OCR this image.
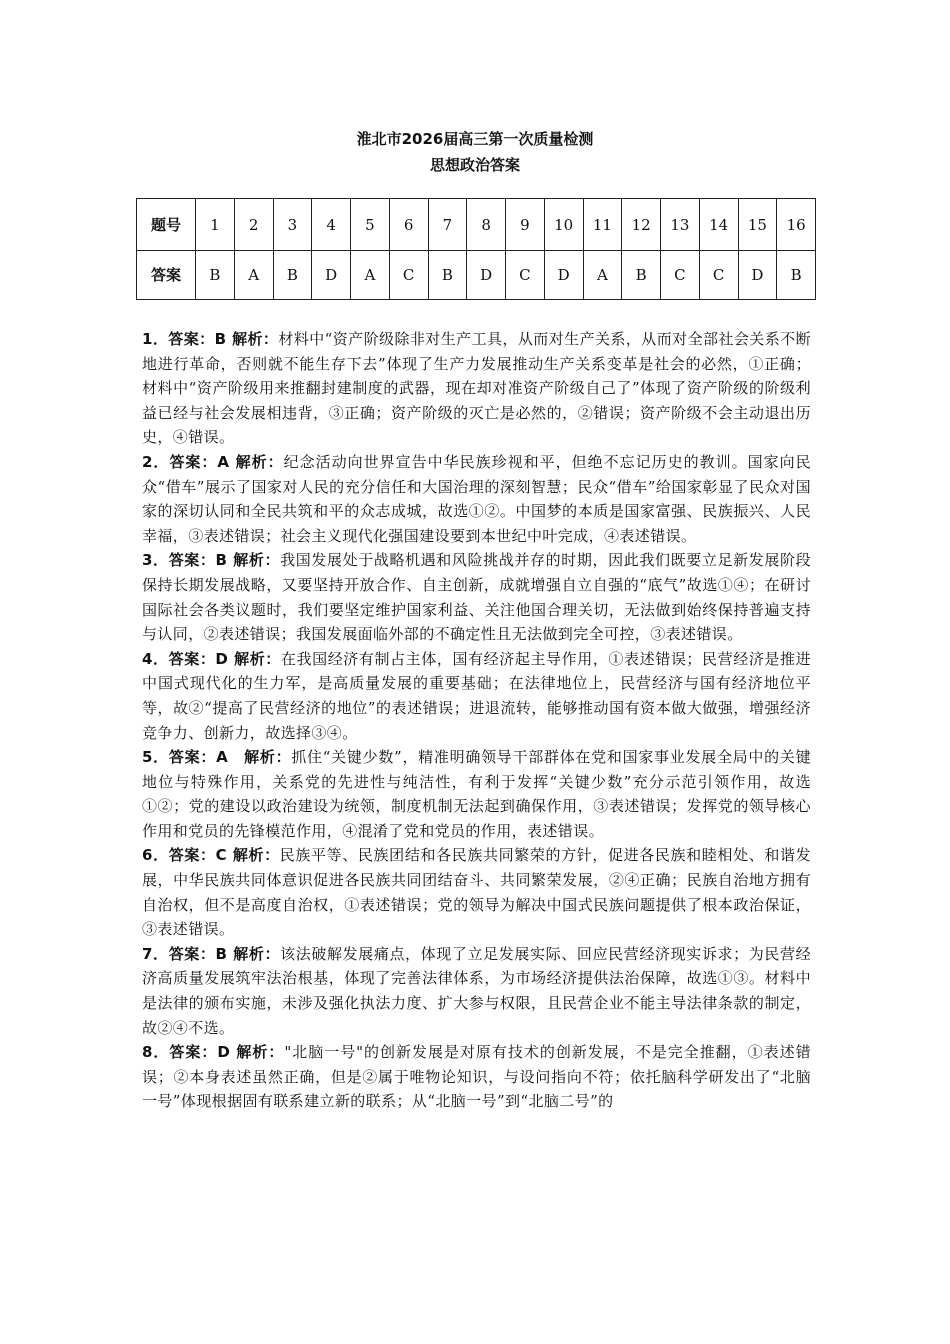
淮北市2026届高三第一次质量检测
思想政治答案
题号	1	2	3	4	5	6	7	8	9	10	11	12	13	14	15	16
答案	B	A	B	D	A	C	B	D	C	D	A	B	C	C	D	B

1．答案：B 解析：材料中“资产阶级除非对生产工具，从而对生产关系，从而对全部社会关系不断地进行革命，否则就不能生存下去”体现了生产力发展推动生产关系变革是社会的必然，①正确；材料中“资产阶级用来推翻封建制度的武器，现在却对准资产阶级自己了”体现了资产阶级的阶级利益已经与社会发展相违背，③正确；资产阶级的灭亡是必然的，②错误；资产阶级不会主动退出历史，④错误。

2．答案：A 解析：纪念活动向世界宣告中华民族珍视和平，但绝不忘记历史的教训。国家向民众“借车”展示了国家对人民的充分信任和大国治理的深刻智慧；民众“借车”给国家彰显了民众对国家的深切认同和全民共筑和平的众志成城，故选①②。中国梦的本质是国家富强、民族振兴、人民幸福，③表述错误；社会主义现代化强国建设要到本世纪中叶完成，④表述错误。

3．答案：B 解析：我国发展处于战略机遇和风险挑战并存的时期，因此我们既要立足新发展阶段保持长期发展战略，又要坚持开放合作、自主创新，成就增强自立自强的“底气”故选①④；在研讨国际社会各类议题时，我们要坚定维护国家利益、关注他国合理关切，无法做到始终保持普遍支持与认同，②表述错误；我国发展面临外部的不确定性且无法做到完全可控，③表述错误。

4．答案：D 解析：在我国经济有制占主体，国有经济起主导作用，①表述错误；民营经济是推进中国式现代化的生力军，是高质量发展的重要基础；在法律地位上，民营经济与国有经济地位平等，故②“提高了民营经济的地位”的表述错误；进退流转，能够推动国有资本做大做强，增强经济竞争力、创新力，故选择③④。

5．答案：A　解析：抓住“关键少数”，精准明确领导干部群体在党和国家事业发展全局中的关键地位与特殊作用，关系党的先进性与纯洁性，有利于发挥“关键少数”充分示范引领作用，故选①②；党的建设以政治建设为统领，制度机制无法起到确保作用，③表述错误；发挥党的领导核心作用和党员的先锋模范作用，④混淆了党和党员的作用，表述错误。

6．答案：C 解析：民族平等、民族团结和各民族共同繁荣的方针，促进各民族和睦相处、和谐发展，中华民族共同体意识促进各民族共同团结奋斗、共同繁荣发展，②④正确；民族自治地方拥有自治权，但不是高度自治权，①表述错误；党的领导为解决中国式民族问题提供了根本政治保证，③表述错误。

7．答案：B 解析：该法破解发展痛点，体现了立足发展实际、回应民营经济现实诉求；为民营经济高质量发展筑牢法治根基，体现了完善法律体系，为市场经济提供法治保障，故选①③。材料中是法律的颁布实施，未涉及强化执法力度、扩大参与权限，且民营企业不能主导法律条款的制定，故②④不选。

8．答案：D 解析："北脑一号"的创新发展是对原有技术的创新发展，不是完全推翻，①表述错误；②本身表述虽然正确，但是②属于唯物论知识，与设问指向不符；依托脑科学研发出了“北脑一号”体现根据固有联系建立新的联系；从“北脑一号”到“北脑二号”的
